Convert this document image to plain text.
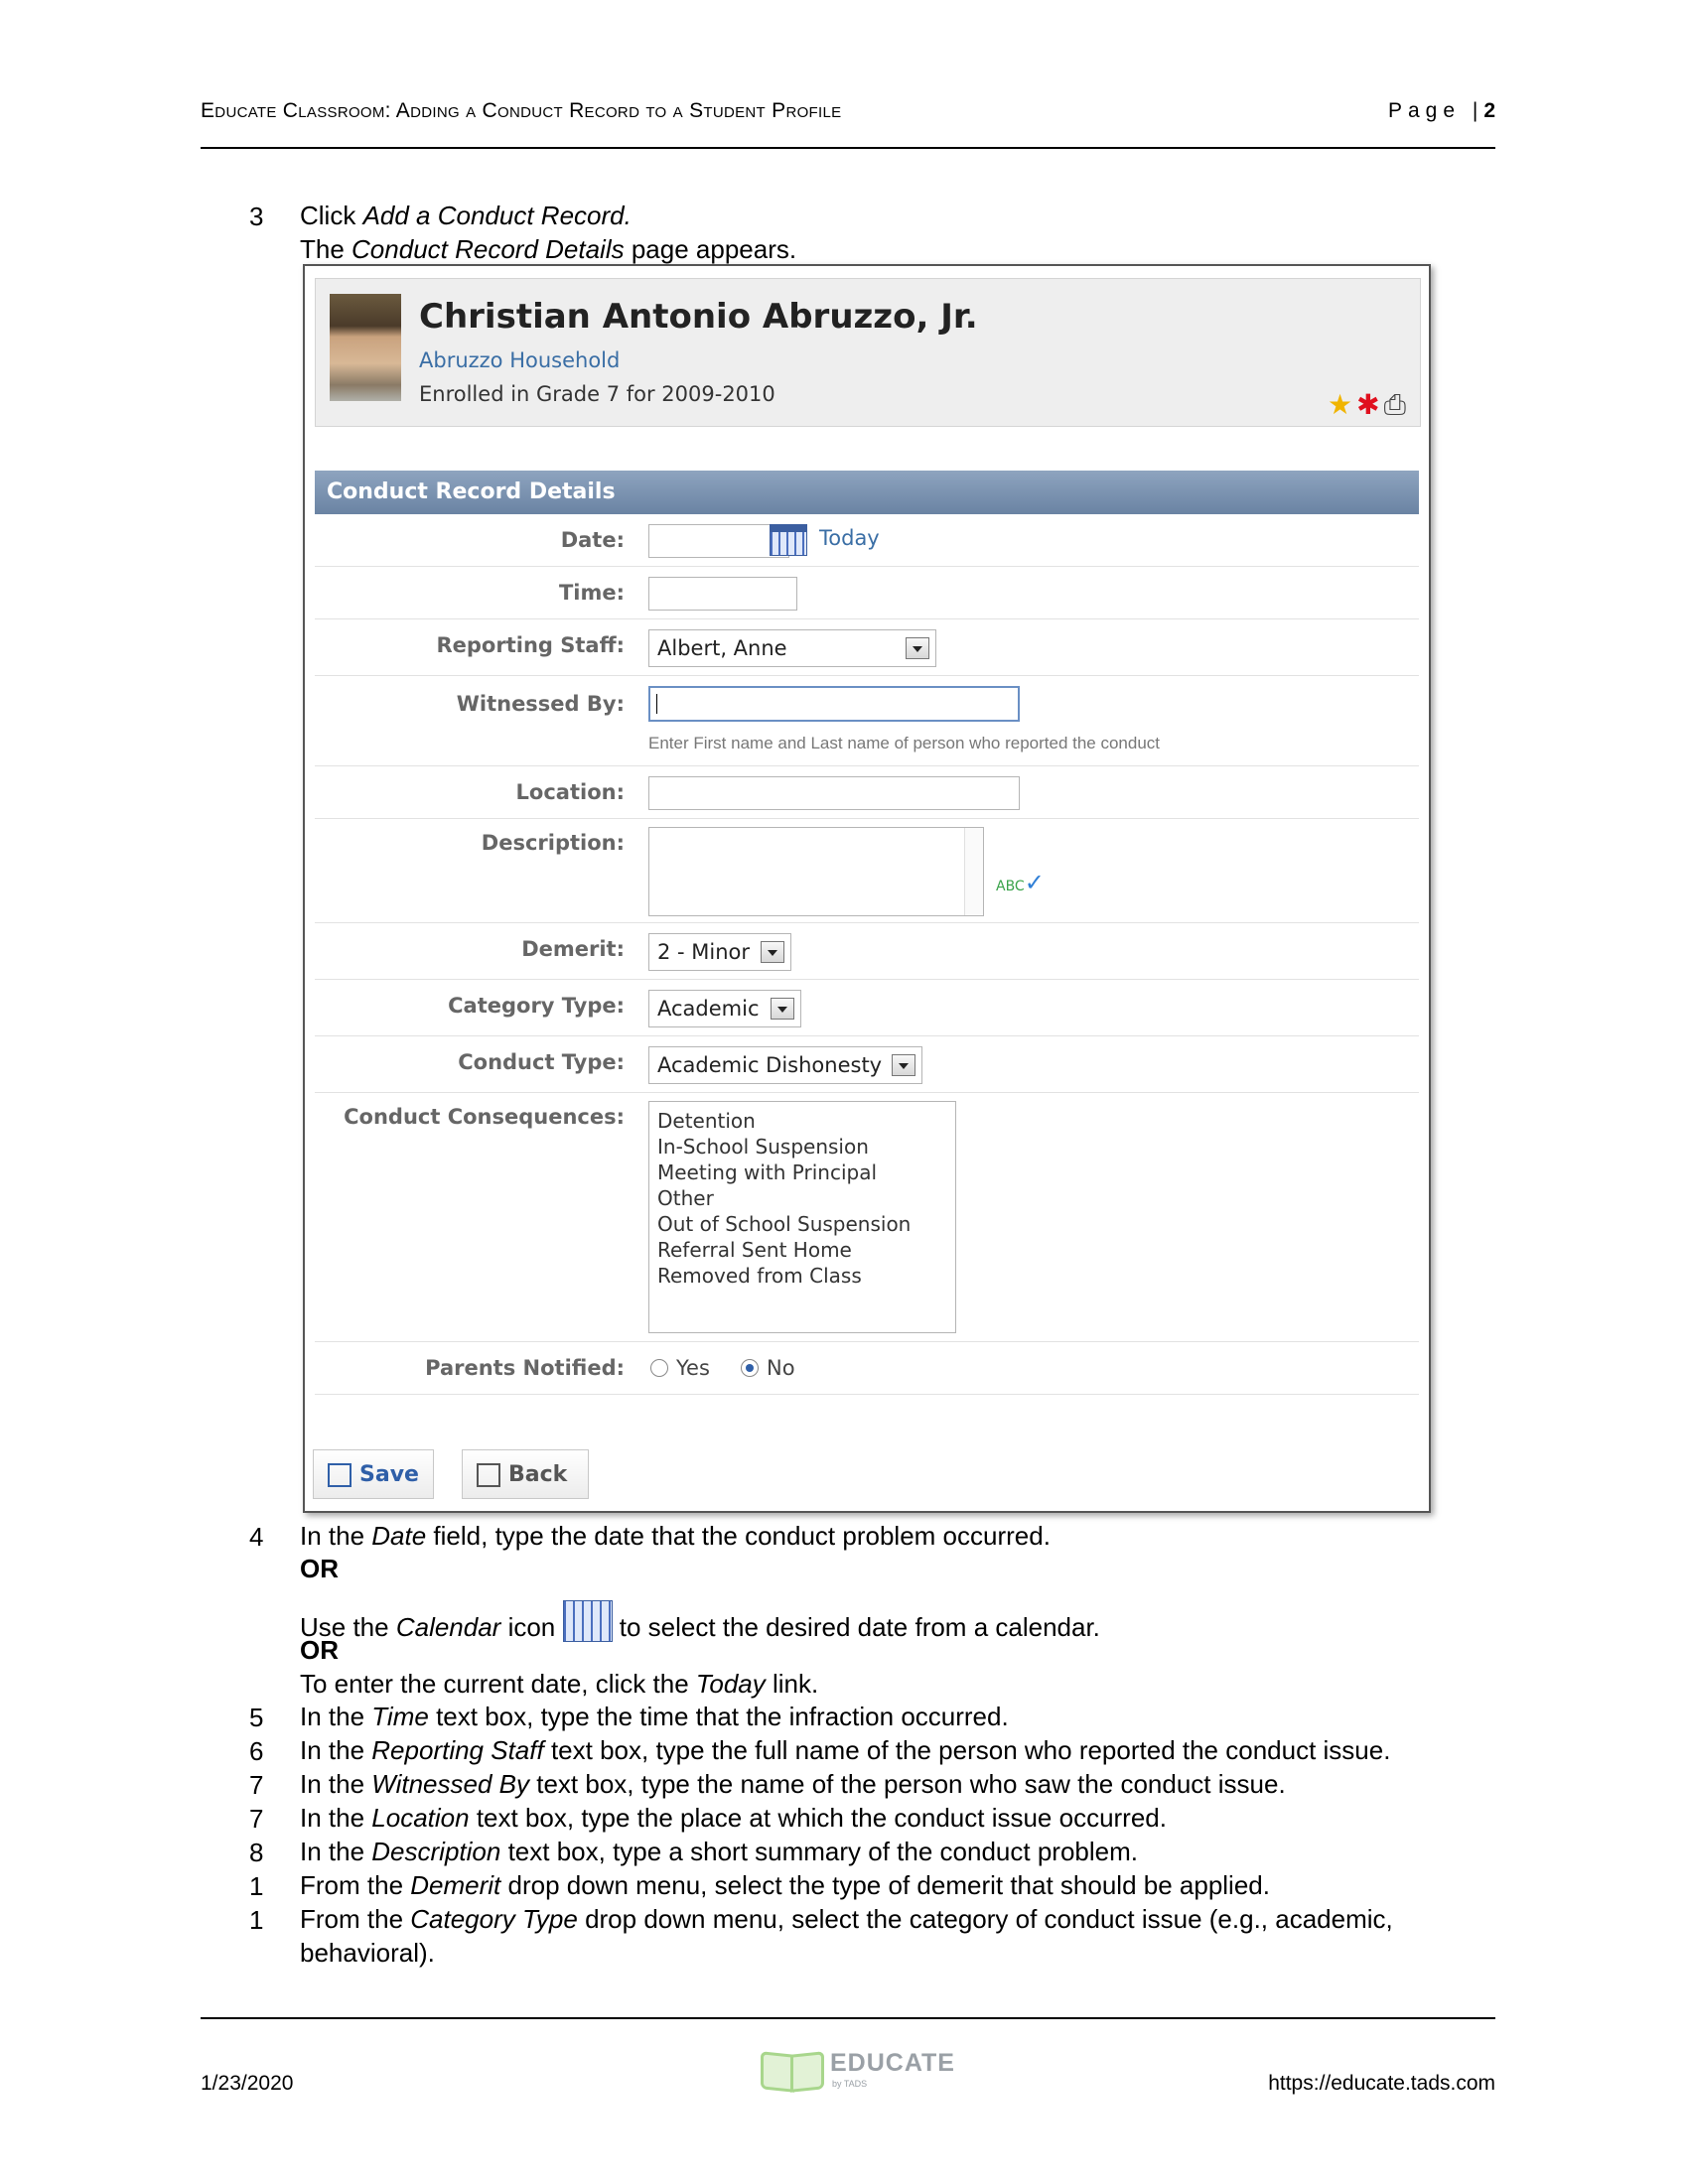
Educate Classroom: Adding a Conduct Record to a Student Profile	Page |2
3 Click Add a Conduct Record.
The Conduct Record Details page appears.
Christian Antonio Abruzzo, Jr.
Abruzzo Household
Enrolled in Grade 7 for 2009-2010	★ ✱ ⎙
Conduct Record Details
Date:	Today
Time:
Reporting Staff:	Albert, Anne
Witnessed By:
Enter First name and Last name of person who reported the conduct
Location:
Description:
ABC✓
Demerit:	2 - Minor
Category Type:	Academic
Conduct Type:	Academic Dishonesty
Conduct Consequences: Detention
In-School Suspension
Meeting with Principal
Other
Out of School Suspension
Referral Sent Home
Removed from Class
Parents Notified:	Yes	No
Save	Back
4 In the Date field, type the date that the conduct problem occurred.
OR
Use the Calendar icon  to select the desired date from a calendar.
OR
To enter the current date, click the Today link.
5 In the Time text box, type the time that the infraction occurred.
6 In the Reporting Staff text box, type the full name of the person who reported the conduct issue.
7 In the Witnessed By text box, type the name of the person who saw the conduct issue.
7 In the Location text box, type the place at which the conduct issue occurred.
8 In the Description text box, type a short summary of the conduct problem.
1 From the Demerit drop down menu, select the type of demerit that should be applied.
1 From the Category Type drop down menu, select the category of conduct issue (e.g., academic,
behavioral).
1/23/2020
EDUCATE
by TADS	https://educate.tads.com
